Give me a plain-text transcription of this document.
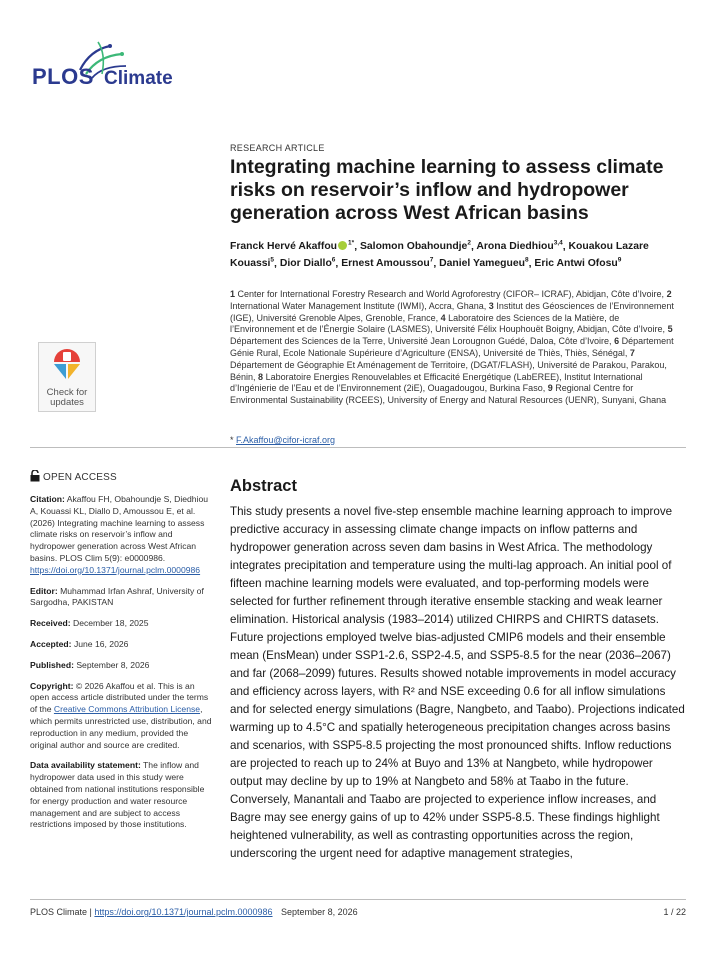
PLOS Climate
Check for
updates
RESEARCH ARTICLE
Integrating machine learning to assess climate risks on reservoir’s inflow and hydropower generation across West African basins
Franck Hervé Akaffou $^{1*}$, Salomon Obahoundje$^2$, Arona Diedhiou$^{3,4}$, Kouakou Lazare Kouassi$^5$, Dior Diallo$^6$, Ernest Amoussou$^7$, Daniel Yamegueu$^8$, Eric Antwi Ofosu$^9$
1 Center for International Forestry Research and World Agroforestry (CIFOR– ICRAF), Abidjan, Côte d’Ivoire, 2 International Water Management Institute (IWMI), Accra, Ghana, 3 Institut des Géosciences de l’Environnement (IGE), Université Grenoble Alpes, Grenoble, France, 4 Laboratoire des Sciences de la Matière, de l’Environnement et de l’Énergie Solaire (LASMES), Université Félix Houphouët Boigny, Abidjan, Côte d’Ivoire, 5 Département des Sciences de la Terre, Université Jean Lorougnon Guédé, Daloa, Côte d’Ivoire, 6 Département Génie Rural, Ecole Nationale Supérieure d’Agriculture (ENSA), Université de Thiès, Thiès, Sénégal, 7 Département de Géographie Et Aménagement de Territoire, (DGAT/FLASH), Université de Parakou, Parakou, Bénin, 8 Laboratoire Energies Renouvelables et Efficacité Energétique (LabEREE), Institut International d’Ingénierie de l’Eau et de l’Environnement (2iE), Ouagadougou, Burkina Faso, 9 Regional Centre for Environmental Sustainability (RCEES), University of Energy and Natural Resources (UENR), Sunyani, Ghana
* F.Akaffou@cifor-icraf.org
OPEN ACCESS

Citation: Akaffou FH, Obahoundje S, Diedhiou A, Kouassi KL, Diallo D, Amoussou E, et al. (2026) Integrating machine learning to assess climate risks on reservoir’s inflow and hydropower generation across West African basins. PLOS Clim 5(9): e0000986. https://doi.org/10.1371/journal.pclm.0000986

Editor: Muhammad Irfan Ashraf, University of Sargodha, PAKISTAN

Received: December 18, 2025

Accepted: June 16, 2026

Published: September 8, 2026

Copyright: © 2026 Akaffou et al. This is an open access article distributed under the terms of the Creative Commons Attribution License, which permits unrestricted use, distribution, and reproduction in any medium, provided the original author and source are credited.

Data availability statement: The inflow and hydropower data used in this study were obtained from national institutions responsible for energy production and water resource management and are subject to access restrictions imposed by those institutions.

Abstract

This study presents a novel five-step ensemble machine learning approach to improve predictive accuracy in assessing climate change impacts on inflow patterns and hydropower generation across seven dam basins in West Africa. The methodology integrates precipitation and temperature using the multi-lag approach. An initial pool of fifteen machine learning models were evaluated, and top-performing models were selected for further refinement through iterative ensemble stacking and weak learner elimination. Historical analysis (1983–2014) utilized CHIRPS and CHIRTS datasets. Future projections employed twelve bias-adjusted CMIP6 models and their ensemble mean (EnsMean) under SSP1-2.6, SSP2-4.5, and SSP5-8.5 for the near (2036–2067) and far (2068–2099) futures. Results showed notable improvements in model accuracy and efficiency across layers, with R² and NSE exceeding 0.6 for all inflow simulations and for selected energy simulations (Bagre, Nangbeto, and Taabo). Projections indicated warming up to 4.5°C and spatially heterogeneous precipitation changes across basins and scenarios, with SSP5-8.5 projecting the most pronounced shifts. Inflow reductions are projected to reach up to 24% at Buyo and 13% at Nangbeto, while hydropower output may decline by up to 19% at Nangbeto and 58% at Taabo in the future. Conversely, Manantali and Taabo are projected to experience inflow increases, and Bagre may see energy gains of up to 42% under SSP5-8.5. These findings highlight heightened vulnerability, as well as contrasting opportunities across the region, underscoring the urgent need for adaptive management strategies,

PLOS Climate | https://doi.org/10.1371/journal.pclm.0000986 September 8, 2026	1 / 22
